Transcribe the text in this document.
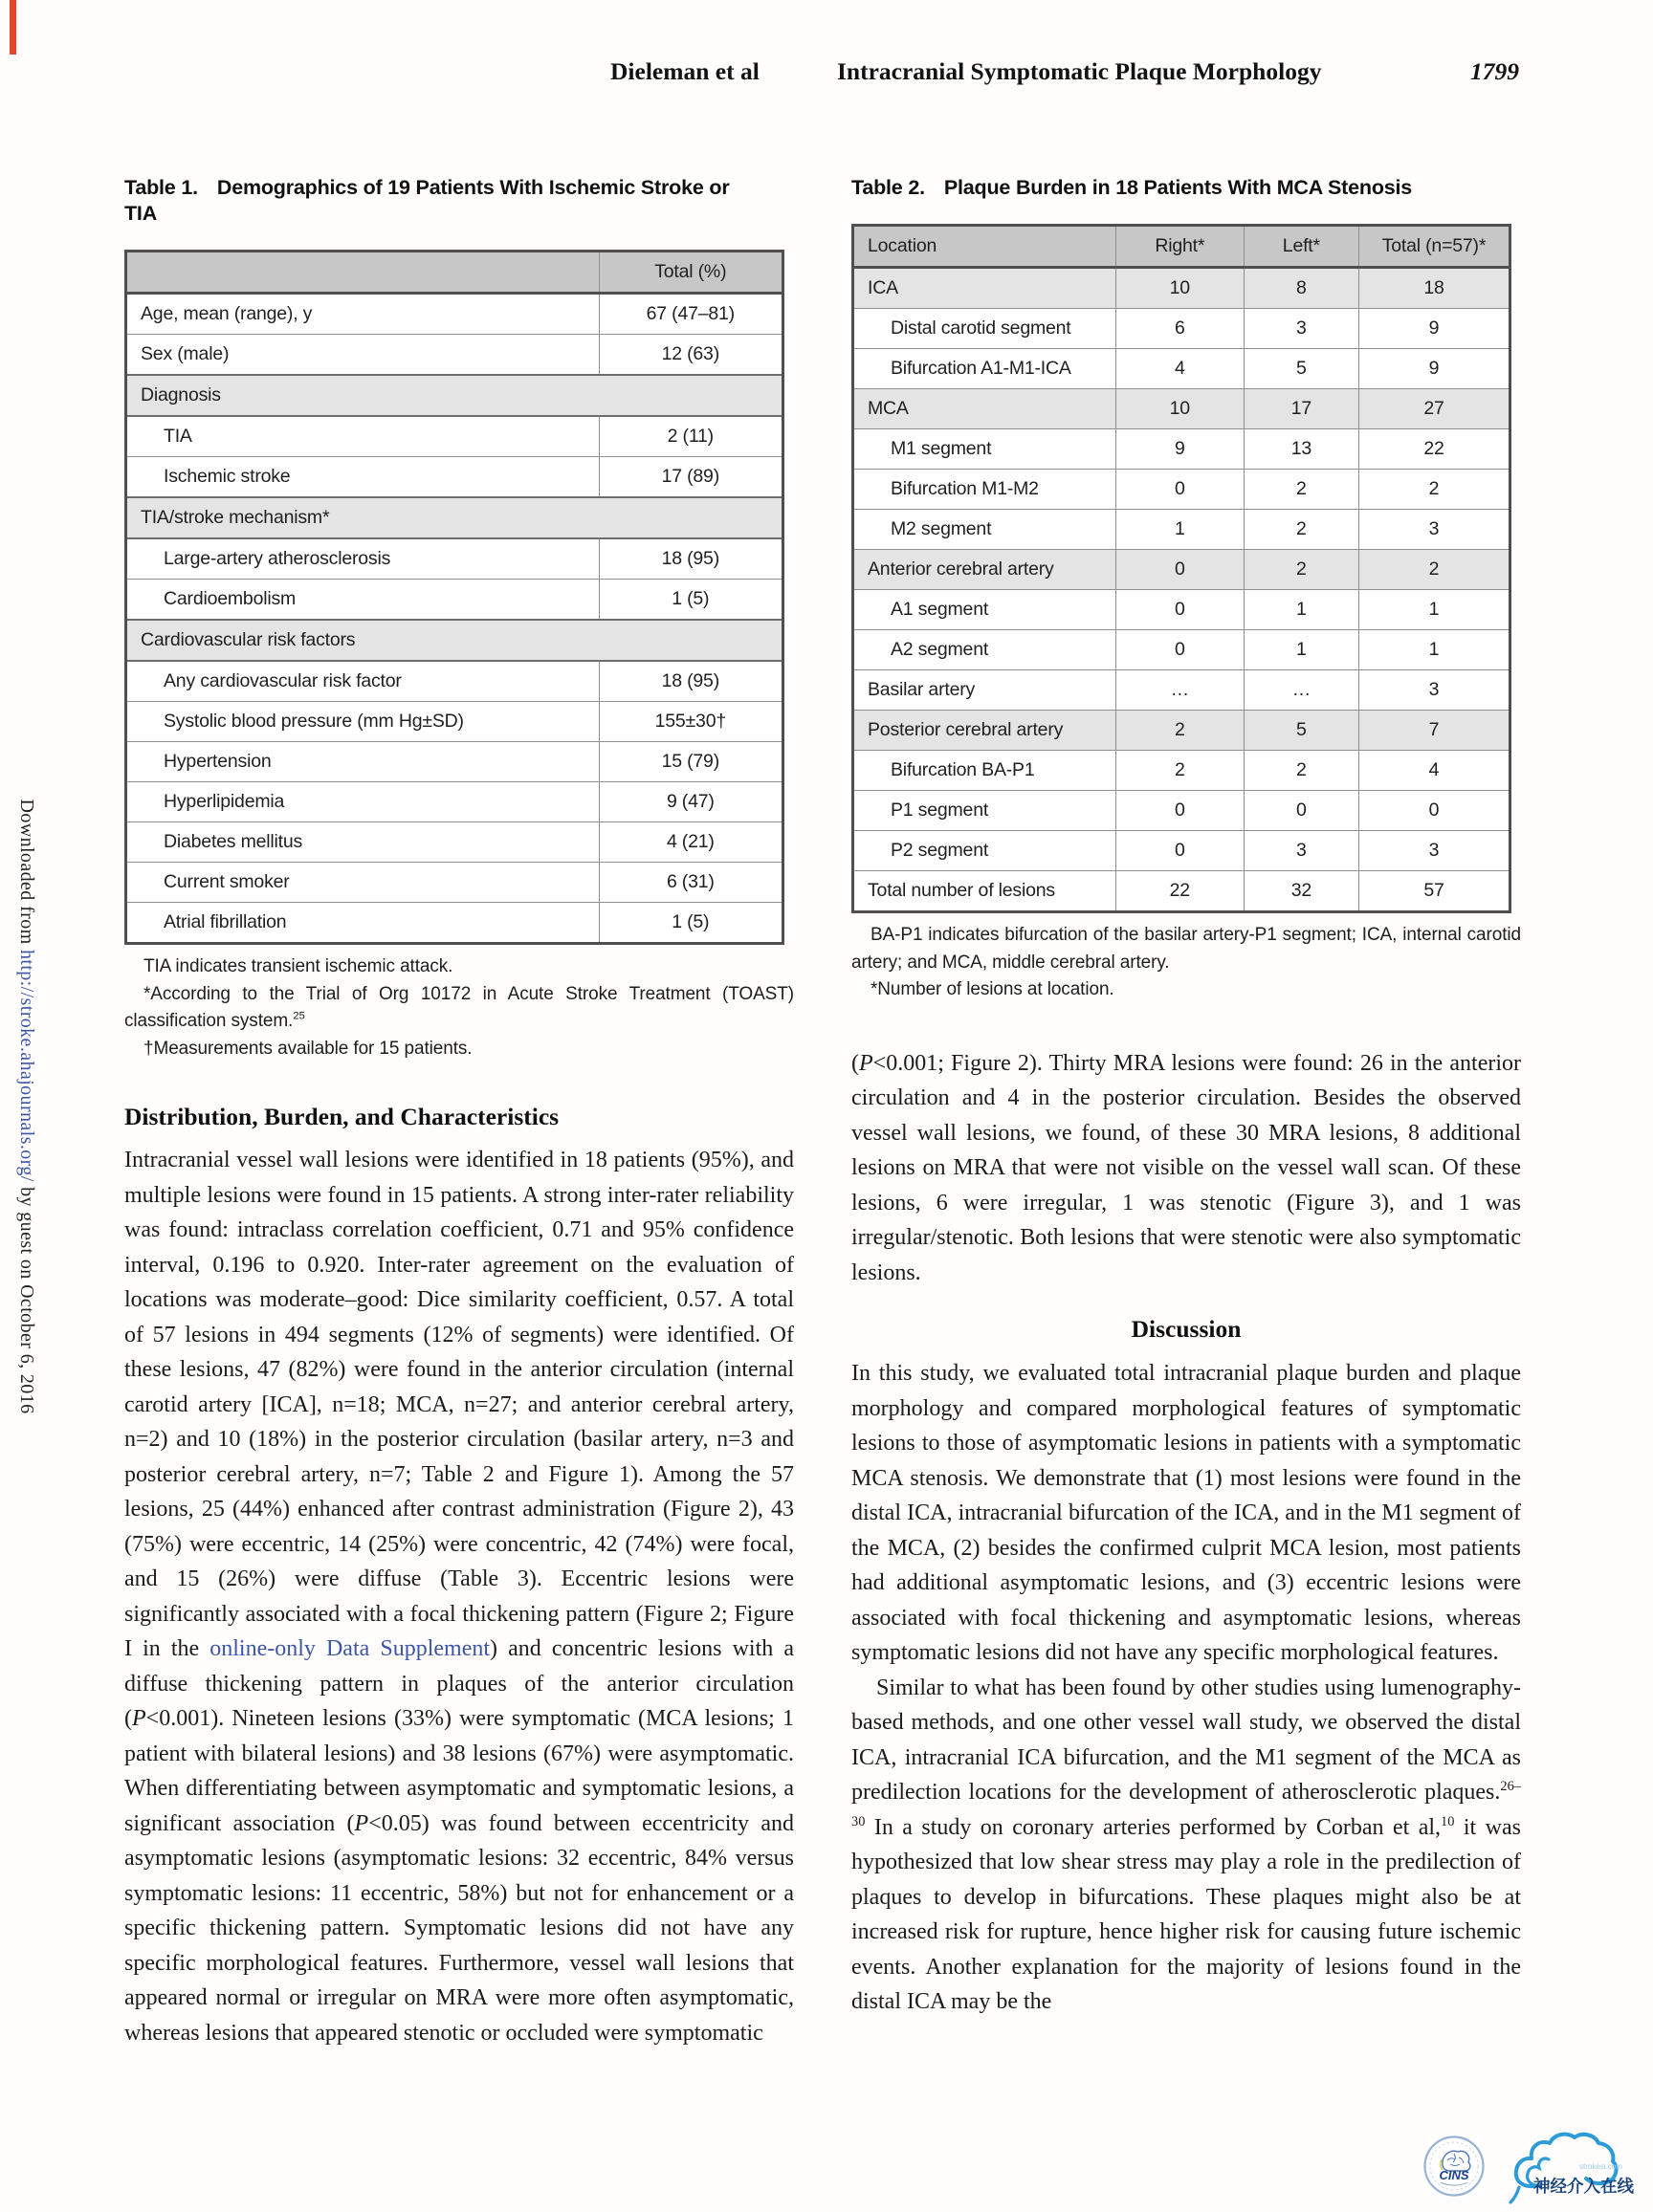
Downloaded from http://stroke.ahajournals.org/ by guest on October 6, 2016
Dieleman et al	Intracranial Symptomatic Plaque Morphology	1799

Table 1. Demographics of 19 Patients With Ischemic Stroke or TIA

	Total (%)
Age, mean (range), y	67 (47–81)
Sex (male)	12 (63)
Diagnosis	
TIA	2 (11)
Ischemic stroke	17 (89)
TIA/stroke mechanism*	
Large-artery atherosclerosis	18 (95)
Cardioembolism	1 (5)
Cardiovascular risk factors	
Any cardiovascular risk factor	18 (95)
Systolic blood pressure (mm Hg±SD)	155±30†
Hypertension	15 (79)
Hyperlipidemia	9 (47)
Diabetes mellitus	4 (21)
Current smoker	6 (31)
Atrial fibrillation	1 (5)

TIA indicates transient ischemic attack.

*According to the Trial of Org 10172 in Acute Stroke Treatment (TOAST) classification system.$^{25}$

†Measurements available for 15 patients.

Distribution, Burden, and Characteristics

Intracranial vessel wall lesions were identified in 18 patients (95%), and multiple lesions were found in 15 patients. A strong inter-rater reliability was found: intraclass correlation coefficient, 0.71 and 95% confidence interval, 0.196 to 0.920. Inter-rater agreement on the evaluation of locations was moderate–good: Dice similarity coefficient, 0.57. A total of 57 lesions in 494 segments (12% of segments) were identified. Of these lesions, 47 (82%) were found in the anterior circulation (internal carotid artery [ICA], n=18; MCA, n=27; and anterior cerebral artery, n=2) and 10 (18%) in the posterior circulation (basilar artery, n=3 and posterior cerebral artery, n=7; Table 2 and Figure 1). Among the 57 lesions, 25 (44%) enhanced after contrast administration (Figure 2), 43 (75%) were eccentric, 14 (25%) were concentric, 42 (74%) were focal, and 15 (26%) were diffuse (Table 3). Eccentric lesions were significantly associated with a focal thickening pattern (Figure 2; Figure I in the online-only Data Supplement) and concentric lesions with a diffuse thickening pattern in plaques of the anterior circulation (P<0.001). Nineteen lesions (33%) were symptomatic (MCA lesions; 1 patient with bilateral lesions) and 38 lesions (67%) were asymptomatic. When differentiating between asymptomatic and symptomatic lesions, a significant association (P<0.05) was found between eccentricity and asymptomatic lesions (asymptomatic lesions: 32 eccentric, 84% versus symptomatic lesions: 11 eccentric, 58%) but not for enhancement or a specific thickening pattern. Symptomatic lesions did not have any specific morphological features. Furthermore, vessel wall lesions that appeared normal or irregular on MRA were more often asymptomatic, whereas lesions that appeared stenotic or occluded were symptomatic

Table 2. Plaque Burden in 18 Patients With MCA Stenosis

Location	Right*	Left*	Total (n=57)*
ICA	10	8	18
Distal carotid segment	6	3	9
Bifurcation A1-M1-ICA	4	5	9
MCA	10	17	27
M1 segment	9	13	22
Bifurcation M1-M2	0	2	2
M2 segment	1	2	3
Anterior cerebral artery	0	2	2
A1 segment	0	1	1
A2 segment	0	1	1
Basilar artery	…	…	3
Posterior cerebral artery	2	5	7
Bifurcation BA-P1	2	2	4
P1 segment	0	0	0
P2 segment	0	3	3
Total number of lesions	22	32	57

BA-P1 indicates bifurcation of the basilar artery-P1 segment; ICA, internal carotid artery; and MCA, middle cerebral artery.

*Number of lesions at location.

(P<0.001; Figure 2). Thirty MRA lesions were found: 26 in the anterior circulation and 4 in the posterior circulation. Besides the observed vessel wall lesions, we found, of these 30 MRA lesions, 8 additional lesions on MRA that were not visible on the vessel wall scan. Of these lesions, 6 were irregular, 1 was stenotic (Figure 3), and 1 was irregular/stenotic. Both lesions that were stenotic were also symptomatic lesions.

Discussion

In this study, we evaluated total intracranial plaque burden and plaque morphology and compared morphological features of symptomatic lesions to those of asymptomatic lesions in patients with a symptomatic MCA stenosis. We demonstrate that (1) most lesions were found in the distal ICA, intracranial bifurcation of the ICA, and in the M1 segment of the MCA, (2) besides the confirmed culprit MCA lesion, most patients had additional asymptomatic lesions, and (3) eccentric lesions were associated with focal thickening and asymptomatic lesions, whereas symptomatic lesions did not have any specific morphological features.

Similar to what has been found by other studies using lumenography-based methods, and one other vessel wall study, we observed the distal ICA, intracranial ICA bifurcation, and the M1 segment of the MCA as predilection locations for the development of atherosclerotic plaques.$^{26-30}$ In a study on coronary arteries performed by Corban et al,$^{10}$ it was hypothesized that low shear stress may play a role in the predilection of plaques to develop in bifurcations. These plaques might also be at increased risk for rupture, hence higher risk for causing future ischemic events. Another explanation for the majority of lesions found in the distal ICA may be the

CINS
strokesi.com
神经介入在线
